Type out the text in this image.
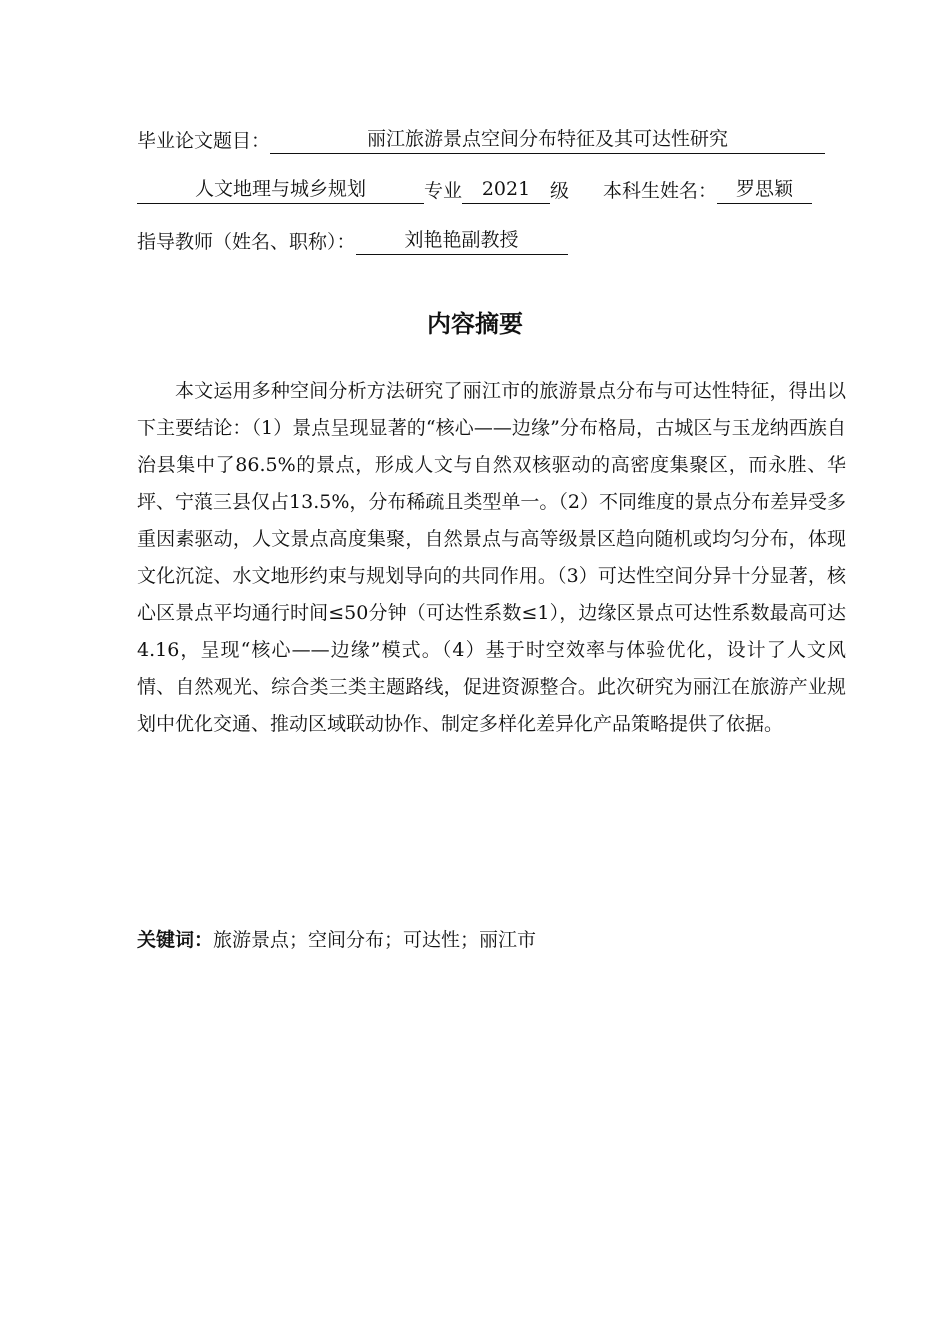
毕业论文题目：	丽江旅游景点空间分布特征及其可达性研究
人文地理与城乡规划	专业 2021 级 本科生姓名： 罗思颖
指导教师（姓名、职称）：	刘艳艳副教授
内容摘要

本文运用多种空间分析方法研究了丽江市的旅游景点分布与可达性特征，得出以下主要结论：（1）景点呈现显著的“核心——边缘”分布格局，古城区与玉龙纳西族自治县集中了86.5%的景点，形成人文与自然双核驱动的高密度集聚区，而永胜、华坪、宁蒗三县仅占13.5%，分布稀疏且类型单一。（2）不同维度的景点分布差异受多重因素驱动，人文景点高度集聚，自然景点与高等级景区趋向随机或均匀分布，体现文化沉淀、水文地形约束与规划导向的共同作用。（3）可达性空间分异十分显著，核心区景点平均通行时间≤50分钟（可达性系数≤1），边缘区景点可达性系数最高可达4.16，呈现“核心——边缘”模式。（4）基于时空效率与体验优化，设计了人文风情、自然观光、综合类三类主题路线，促进资源整合。此次研究为丽江在旅游产业规划中优化交通、推动区域联动协作、制定多样化差异化产品策略提供了依据。

关键词：旅游景点；空间分布；可达性；丽江市
